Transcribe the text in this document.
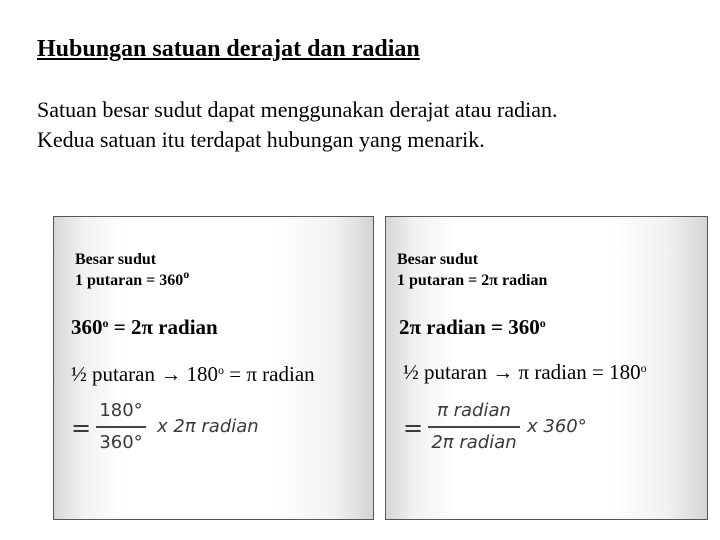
Hubungan satuan derajat dan radian
Satuan besar sudut dapat menggunakan derajat atau radian. Kedua satuan itu terdapat hubungan yang menarik.
Besar sudut
1 putaran = $360^o$
$360^o = 2\pi$ radian
½ putaran → $180^o = \pi$ radian
=
180°
360°
x 2π radian
Besar sudut
1 putaran = 2π radian
2π radian = $360^o$
½ putaran → π radian = $180^o$
=
π radian
2π radian
x 360°
